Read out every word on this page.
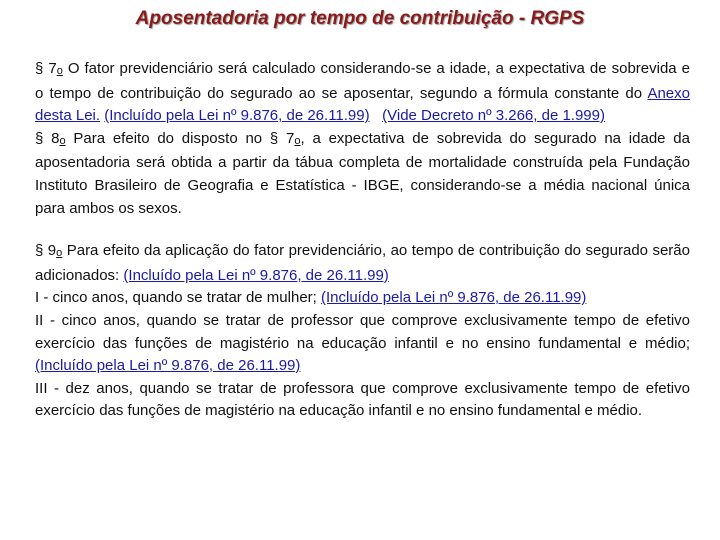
Aposentadoria por tempo de contribuição - RGPS

§ 7o O fator previdenciário será calculado considerando-se a idade, a expectativa de sobrevida e o tempo de contribuição do segurado ao se aposentar, segundo a fórmula constante do Anexo desta Lei. (Incluído pela Lei nº 9.876, de 26.11.99) (Vide Decreto nº 3.266, de 1.999)

§ 8o Para efeito do disposto no § 7o, a expectativa de sobrevida do segurado na idade da aposentadoria será obtida a partir da tábua completa de mortalidade construída pela Fundação Instituto Brasileiro de Geografia e Estatística - IBGE, considerando-se a média nacional única para ambos os sexos.

§ 9o Para efeito da aplicação do fator previdenciário, ao tempo de contribuição do segurado serão adicionados: (Incluído pela Lei nº 9.876, de 26.11.99)

I - cinco anos, quando se tratar de mulher; (Incluído pela Lei nº 9.876, de 26.11.99)

II - cinco anos, quando se tratar de professor que comprove exclusivamente tempo de efetivo exercício das funções de magistério na educação infantil e no ensino fundamental e médio; (Incluído pela Lei nº 9.876, de 26.11.99)

III - dez anos, quando se tratar de professora que comprove exclusivamente tempo de efetivo exercício das funções de magistério na educação infantil e no ensino fundamental e médio.
